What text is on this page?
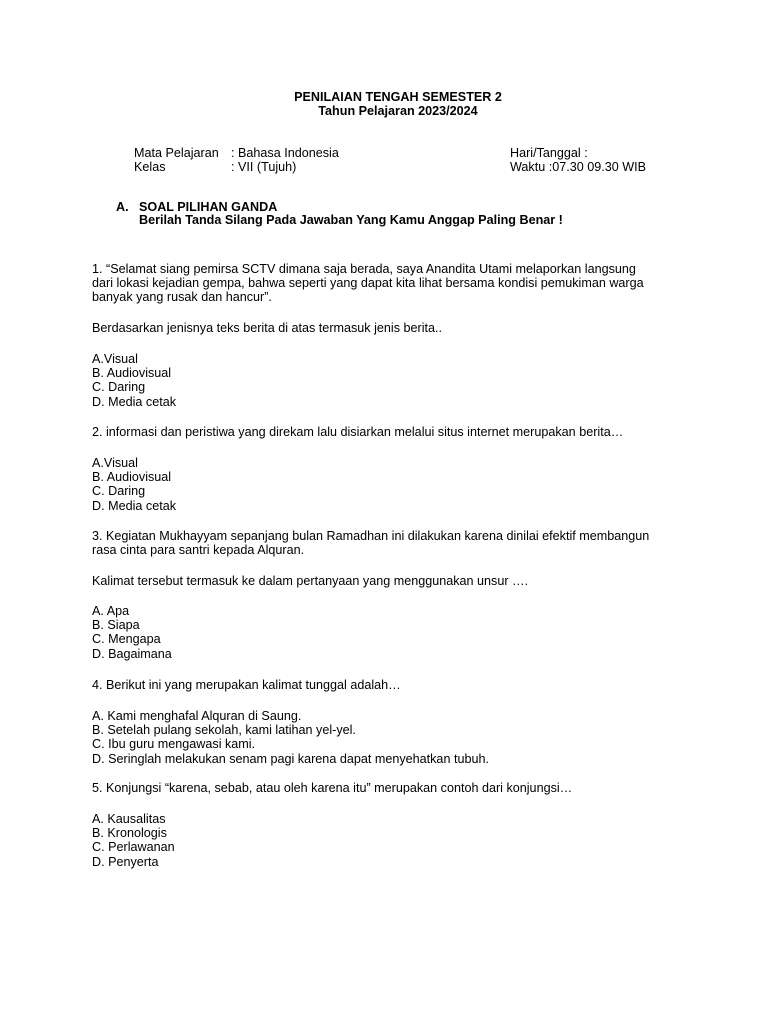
PENILAIAN TENGAH SEMESTER 2
Tahun Pelajaran 2023/2024
Mata Pelajaran : Bahasa Indonesia	Hari/Tanggal :
Kelas	: VII (Tujuh)	Waktu :07.30 09.30 WIB
A. SOAL PILIHAN GANDA
Berilah Tanda Silang Pada Jawaban Yang Kamu Anggap Paling Benar !
1. “Selamat siang pemirsa SCTV dimana saja berada, saya Anandita Utami melaporkan langsung
dari lokasi kejadian gempa, bahwa seperti yang dapat kita lihat bersama kondisi pemukiman warga
banyak yang rusak dan hancur”.
Berdasarkan jenisnya teks berita di atas termasuk jenis berita..
A.Visual
B. Audiovisual
C. Daring
D. Media cetak
2. informasi dan peristiwa yang direkam lalu disiarkan melalui situs internet merupakan berita…
A.Visual
B. Audiovisual
C. Daring
D. Media cetak
3. Kegiatan Mukhayyam sepanjang bulan Ramadhan ini dilakukan karena dinilai efektif membangun
rasa cinta para santri kepada Alquran.
Kalimat tersebut termasuk ke dalam pertanyaan yang menggunakan unsur ….
A. Apa
B. Siapa
C. Mengapa
D. Bagaimana
4. Berikut ini yang merupakan kalimat tunggal adalah…
A. Kami menghafal Alquran di Saung.
B. Setelah pulang sekolah, kami latihan yel-yel.
C. Ibu guru mengawasi kami.
D. Seringlah melakukan senam pagi karena dapat menyehatkan tubuh.
5. Konjungsi “karena, sebab, atau oleh karena itu” merupakan contoh dari konjungsi…
A. Kausalitas
B. Kronologis
C. Perlawanan
D. Penyerta
